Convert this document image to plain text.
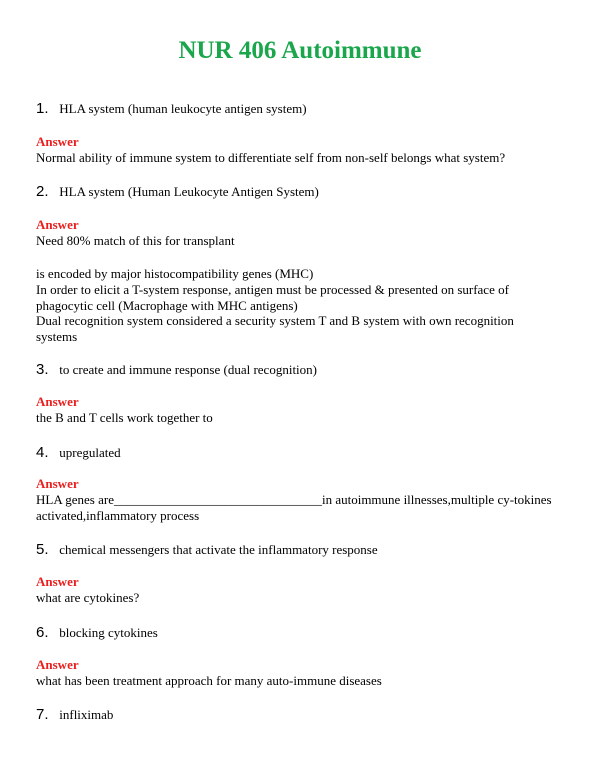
NUR 406 Autoimmune
1. HLA system (human leukocyte antigen system)
Answer
Normal ability of immune system to differentiate self from non-self belongs what system?
2. HLA system (Human Leukocyte Antigen System)
Answer
Need 80% match of this for transplant
is encoded by major histocompatibility genes (MHC)
In order to elicit a T-system response, antigen must be processed & presented on surface of phagocytic cell (Macrophage with MHC antigens)
Dual recognition system considered a security system T and B system with own recognition systems
3. to create and immune response (dual recognition)
Answer
the B and T cells work together to
4. upregulated
Answer
HLA genes are________________________________in autoimmune illnesses,multiple cy-tokines activated,inflammatory process
5. chemical messengers that activate the inflammatory response
Answer
what are cytokines?
6. blocking cytokines
Answer
what has been treatment approach for many auto-immune diseases
7. infliximab
